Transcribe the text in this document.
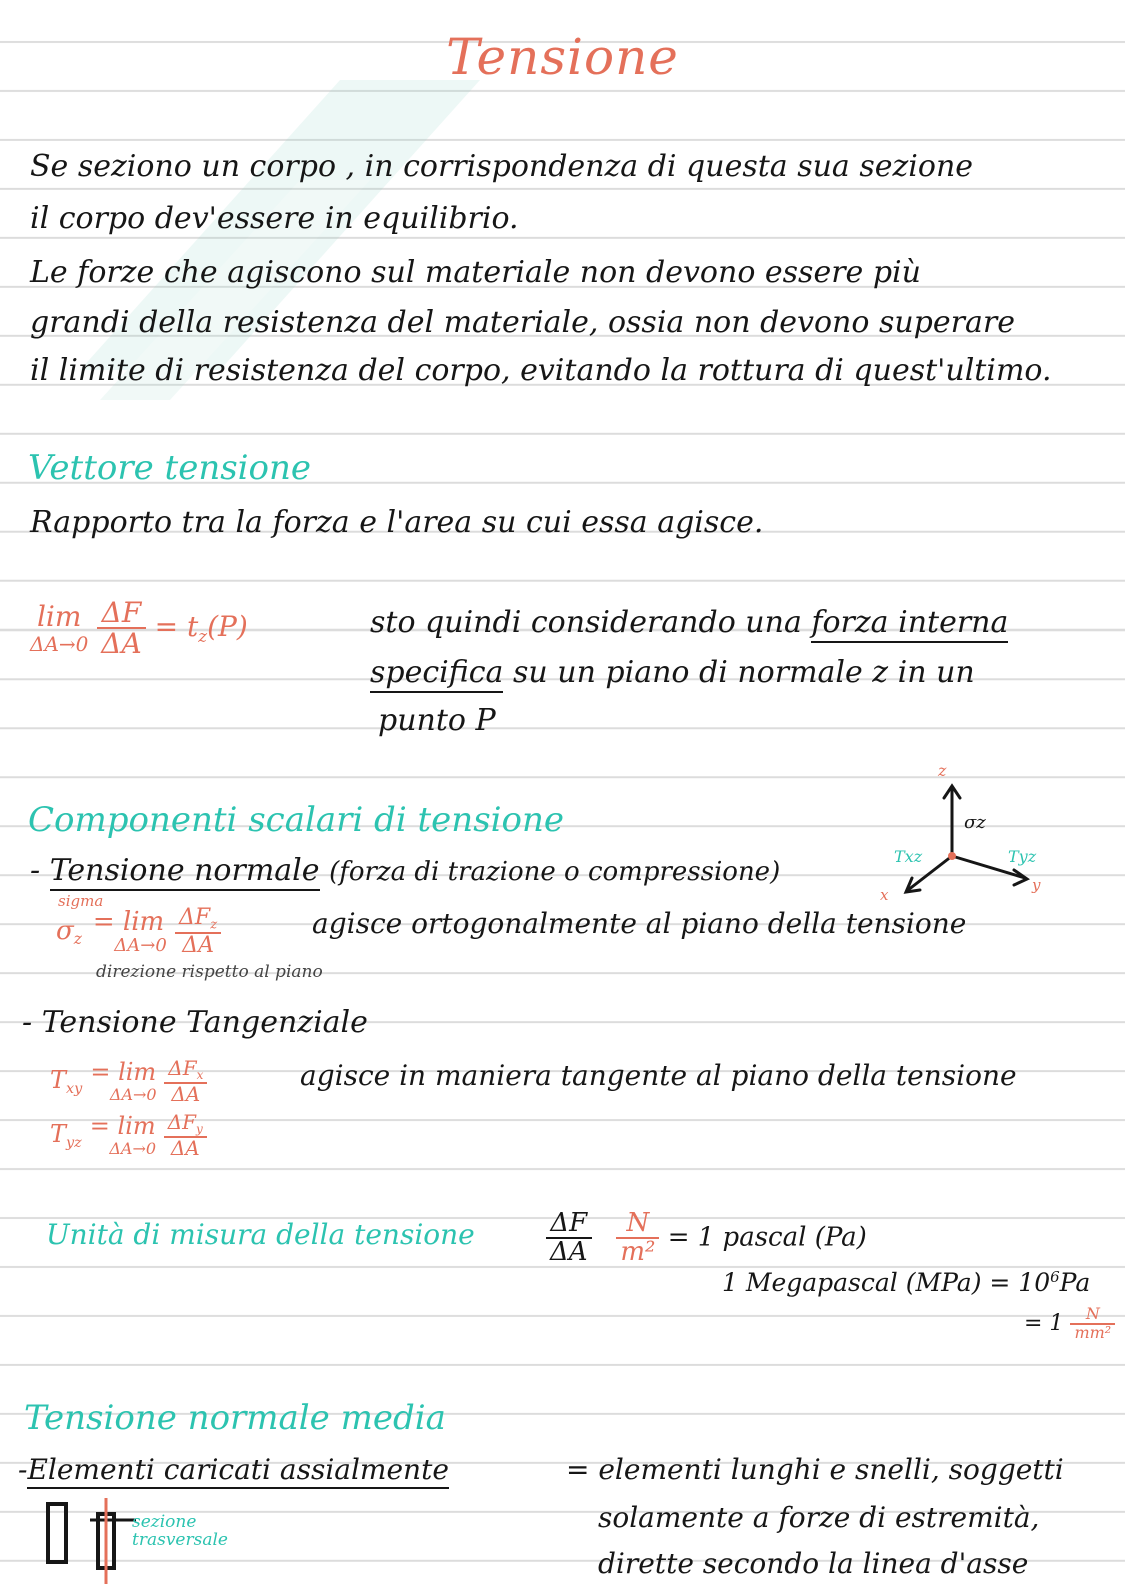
Tensione
Se seziono un corpo , in corrispondenza di questa sua sezione
il corpo dev'essere in equilibrio.
Le forze che agiscono sul materiale non devono essere più
grandi della resistenza del materiale, ossia non devono superare
il limite di resistenza del corpo, evitando la rottura di quest'ultimo.
Vettore tensione
Rapporto tra la forza e l'area su cui essa agisce.
lim
ΔA→0
$\frac{\Delta F}{\Delta A} = t_z(P)$	sto quindi considerando una forza interna
specifica su un piano di normale z in un
punto P
Componenti scalari di tensione
z
σz
Txz	Tyz
x
y
- Tensione normale (forza di trazione o compressione)
sigma
$\sigma_z$
= lim
ΔA→0
$\frac{\Delta F_z}{\Delta A}$	agisce ortogonalmente al piano della tensione
direzione rispetto al piano
- Tensione Tangenziale
$T_{xy}$
= lim
ΔA→0
$\frac{\Delta F_x}{\Delta A}$
$T_{yz}$
= lim
ΔA→0
$\frac{\Delta F_y}{\Delta A}$
agisce in maniera tangente al piano della tensione
Unità di misura della tensione	$\frac{\Delta F}{\Delta A}$
$\frac{N}{\text{m²}} = 1$ pascal (Pa)
1 Megapascal $(MPa) = 10^6Pa$
= $1 \frac{N}{\text{mm²}}$
Tensione normale media
-Elementi caricati assialmente	= elementi lunghi e snelli, soggetti
solamente a forze di estremità,
dirette secondo la linea d'asse
sezione
trasversale
